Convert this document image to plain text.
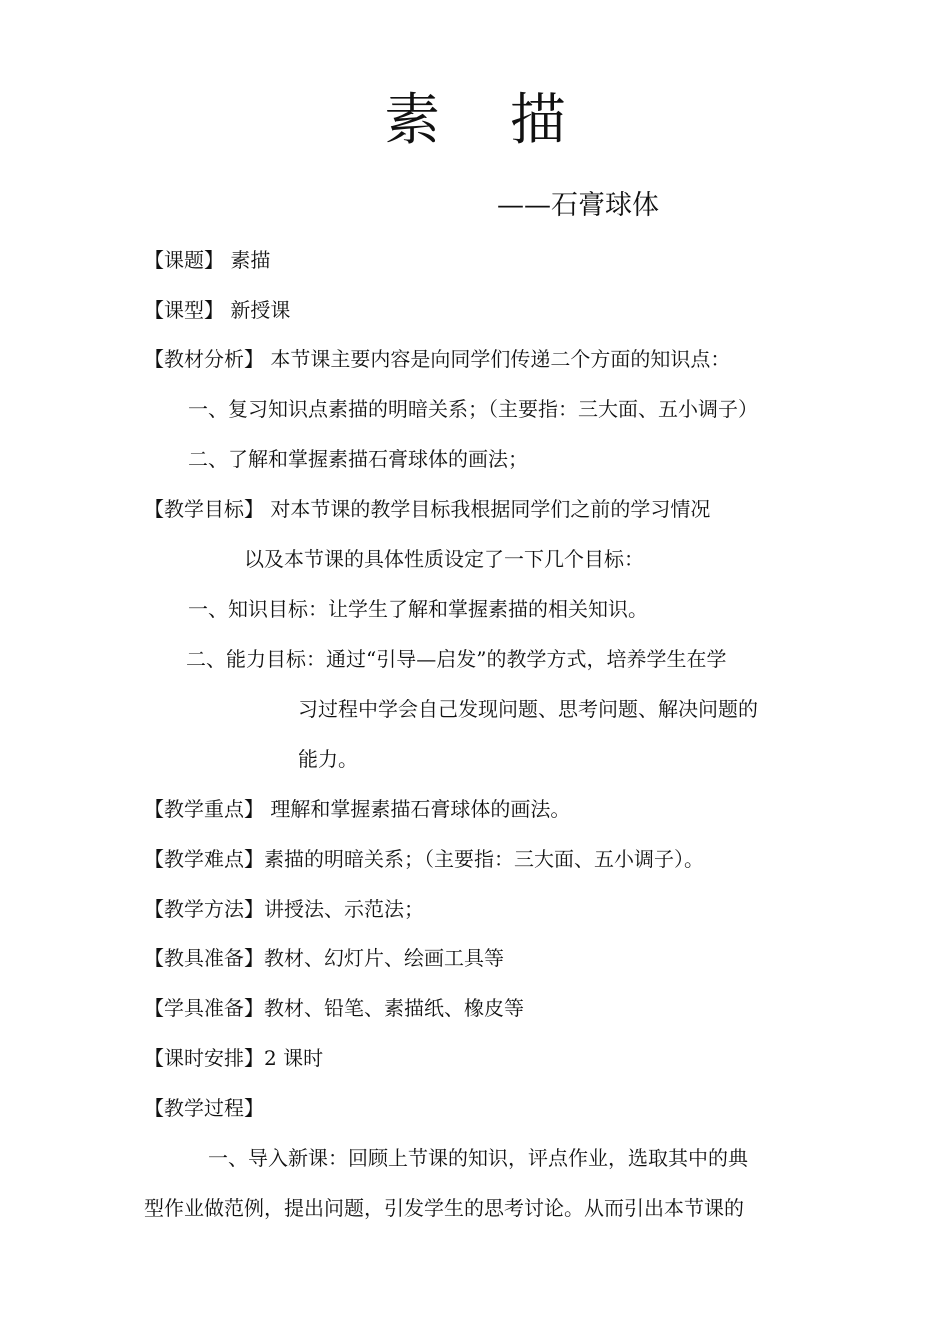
素 描
——石膏球体
【课题】 素描
【课型】 新授课
【教材分析】 本节课主要内容是向同学们传递二个方面的知识点：
一、复习知识点素描的明暗关系；（主要指：三大面、五小调子）
二、了解和掌握素描石膏球体的画法；
【教学目标】 对本节课的教学目标我根据同学们之前的学习情况
以及本节课的具体性质设定了一下几个目标：
一、知识目标：让学生了解和掌握素描的相关知识。
二、能力目标：通过“引导—启发”的教学方式，培养学生在学
习过程中学会自己发现问题、思考问题、解决问题的
能力。
【教学重点】 理解和掌握素描石膏球体的画法。
【教学难点】素描的明暗关系；（主要指：三大面、五小调子）。
【教学方法】讲授法、示范法；
【教具准备】教材、幻灯片、绘画工具等
【学具准备】教材、铅笔、素描纸、橡皮等
【课时安排】2 课时
【教学过程】
一、导入新课：回顾上节课的知识，评点作业，选取其中的典
型作业做范例，提出问题，引发学生的思考讨论。从而引出本节课的
